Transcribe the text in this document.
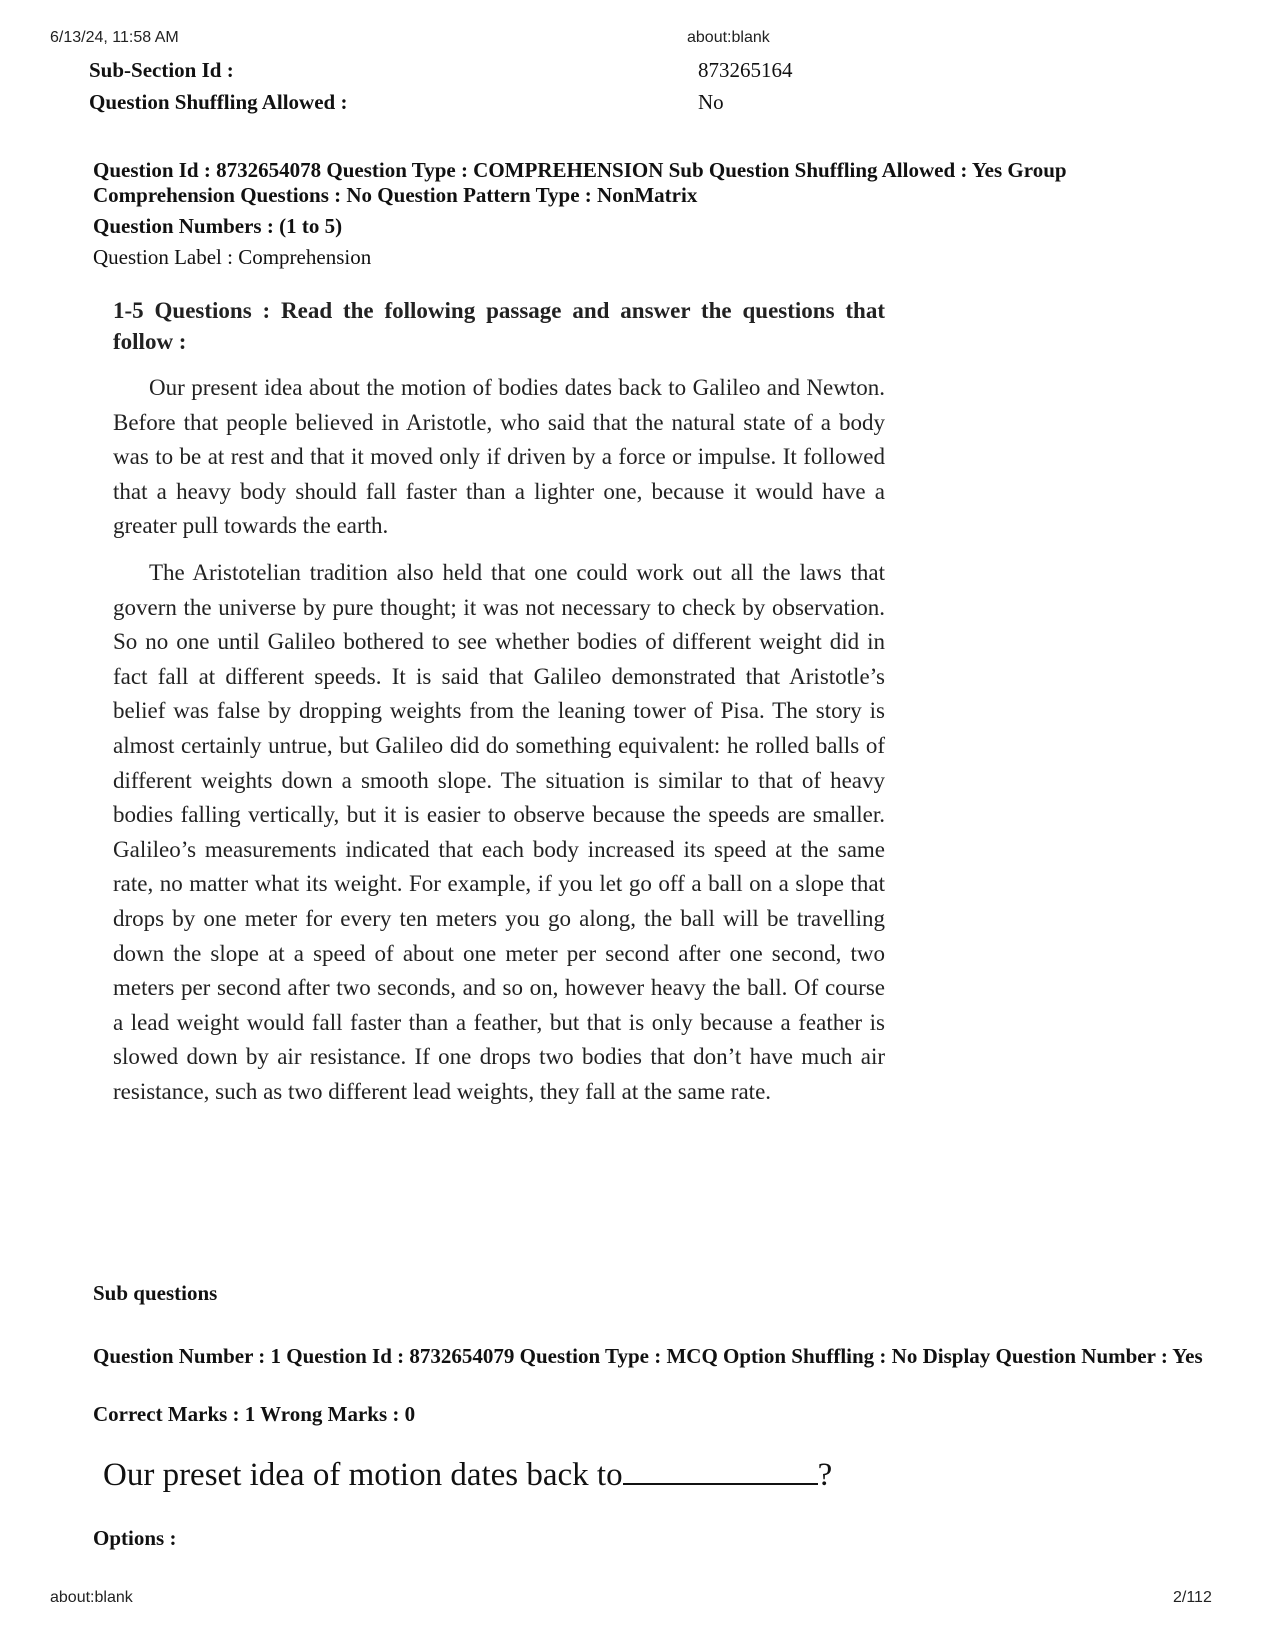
6/13/24, 11:58 AM	about:blank
Sub-Section Id :	873265164
Question Shuffling Allowed :	No
Question Id : 8732654078 Question Type : COMPREHENSION Sub Question Shuffling Allowed : Yes Group Comprehension Questions : No Question Pattern Type : NonMatrix
Question Numbers : (1 to 5)
Question Label : Comprehension
1-5 Questions : Read the following passage and answer the questions that follow :
Our present idea about the motion of bodies dates back to Galileo and Newton. Before that people believed in Aristotle, who said that the natural state of a body was to be at rest and that it moved only if driven by a force or impulse. It followed that a heavy body should fall faster than a lighter one, because it would have a greater pull towards the earth.
The Aristotelian tradition also held that one could work out all the laws that govern the universe by pure thought; it was not necessary to check by observation. So no one until Galileo bothered to see whether bodies of different weight did in fact fall at different speeds. It is said that Galileo demonstrated that Aristotle’s belief was false by dropping weights from the leaning tower of Pisa. The story is almost certainly untrue, but Galileo did do something equivalent: he rolled balls of different weights down a smooth slope. The situation is similar to that of heavy bodies falling vertically, but it is easier to observe because the speeds are smaller. Galileo’s measurements indicated that each body increased its speed at the same rate, no matter what its weight. For example, if you let go off a ball on a slope that drops by one meter for every ten meters you go along, the ball will be travelling down the slope at a speed of about one meter per second after one second, two meters per second after two seconds, and so on, however heavy the ball. Of course a lead weight would fall faster than a feather, but that is only because a feather is slowed down by air resistance. If one drops two bodies that don’t have much air resistance, such as two different lead weights, they fall at the same rate.
Sub questions
Question Number : 1 Question Id : 8732654079 Question Type : MCQ Option Shuffling : No Display Question Number : Yes
Correct Marks : 1 Wrong Marks : 0
Our preset idea of motion dates back to	?
Options :
about:blank	2/112
